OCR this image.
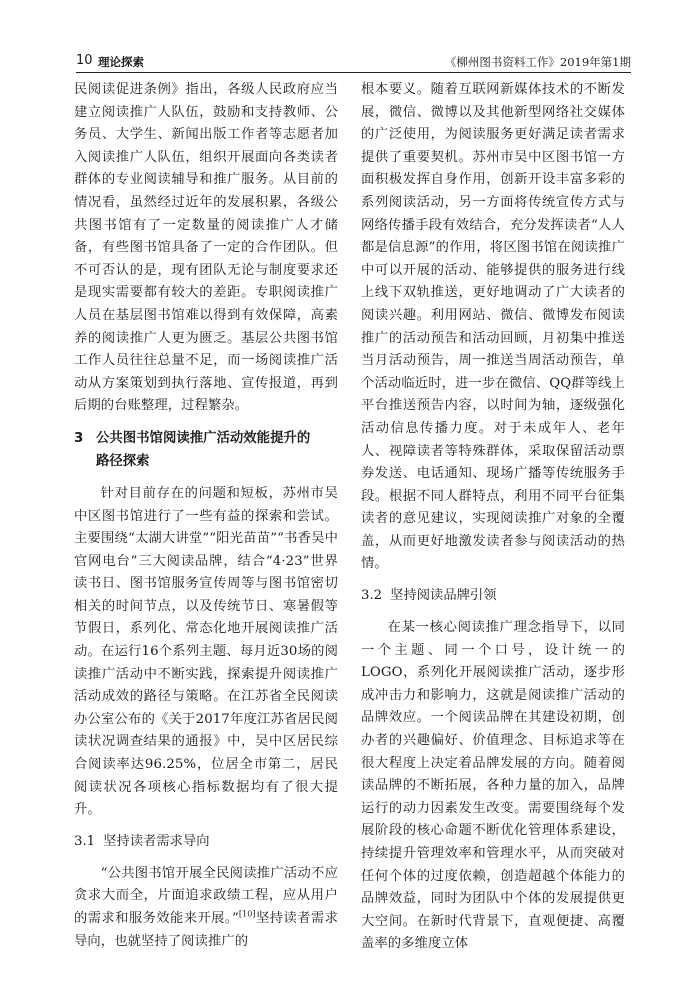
10 理论探索	《柳州图书资料工作》2019年第1期

民阅读促进条例》指出，各级人民政府应当建立阅读推广人队伍，鼓励和支持教师、公务员、大学生、新闻出版工作者等志愿者加入阅读推广人队伍，组织开展面向各类读者群体的专业阅读辅导和推广服务。从目前的情况看，虽然经过近年的发展积累，各级公共图书馆有了一定数量的阅读推广人才储备，有些图书馆具备了一定的合作团队。但不可否认的是，现有团队无论与制度要求还是现实需要都有较大的差距。专职阅读推广人员在基层图书馆难以得到有效保障，高素养的阅读推广人更为匮乏。基层公共图书馆工作人员往往总量不足，而一场阅读推广活动从方案策划到执行落地、宣传报道，再到后期的台账整理，过程繁杂。

3 公共图书馆阅读推广活动效能提升的
路径探索

针对目前存在的问题和短板，苏州市吴中区图书馆进行了一些有益的探索和尝试。主要围绕“太湖大讲堂”“阳光苗苗”“书香吴中官网电台”三大阅读品牌，结合“4·23”世界读书日、图书馆服务宣传周等与图书馆密切相关的时间节点，以及传统节日、寒暑假等节假日，系列化、常态化地开展阅读推广活动。在运行16个系列主题、每月近30场的阅读推广活动中不断实践，探索提升阅读推广活动成效的路径与策略。在江苏省全民阅读办公室公布的《关于2017年度江苏省居民阅读状况调查结果的通报》中，吴中区居民综合阅读率达96.25%，位居全市第二，居民阅读状况各项核心指标数据均有了很大提升。

3.1 坚持读者需求导向

“公共图书馆开展全民阅读推广活动不应贪求大而全，片面追求政绩工程，应从用户的需求和服务效能来开展。”[10]坚持读者需求导向，也就坚持了阅读推广的

根本要义。随着互联网新媒体技术的不断发展，微信、微博以及其他新型网络社交媒体的广泛使用，为阅读服务更好满足读者需求提供了重要契机。苏州市吴中区图书馆一方面积极发挥自身作用，创新开设丰富多彩的系列阅读活动，另一方面将传统宣传方式与网络传播手段有效结合，充分发挥读者“人人都是信息源”的作用，将区图书馆在阅读推广中可以开展的活动、能够提供的服务进行线上线下双轨推送，更好地调动了广大读者的阅读兴趣。利用网站、微信、微博发布阅读推广的活动预告和活动回顾，月初集中推送当月活动预告，周一推送当周活动预告，单个活动临近时，进一步在微信、QQ群等线上平台推送预告内容，以时间为轴，逐级强化活动信息传播力度。对于未成年人、老年人、视障读者等特殊群体，采取保留活动票券发送、电话通知、现场广播等传统服务手段。根据不同人群特点，利用不同平台征集读者的意见建议，实现阅读推广对象的全覆盖，从而更好地激发读者参与阅读活动的热情。

3.2 坚持阅读品牌引领

在某一核心阅读推广理念指导下，以同一个主题、同一个口号，设计统一的LOGO，系列化开展阅读推广活动，逐步形成冲击力和影响力，这就是阅读推广活动的品牌效应。一个阅读品牌在其建设初期，创办者的兴趣偏好、价值理念、目标追求等在很大程度上决定着品牌发展的方向。随着阅读品牌的不断拓展，各种力量的加入，品牌运行的动力因素发生改变。需要围绕每个发展阶段的核心命题不断优化管理体系建设，持续提升管理效率和管理水平，从而突破对任何个体的过度依赖，创造超越个体能力的品牌效益，同时为团队中个体的发展提供更大空间。在新时代背景下，直观便捷、高覆盖率的多维度立体
